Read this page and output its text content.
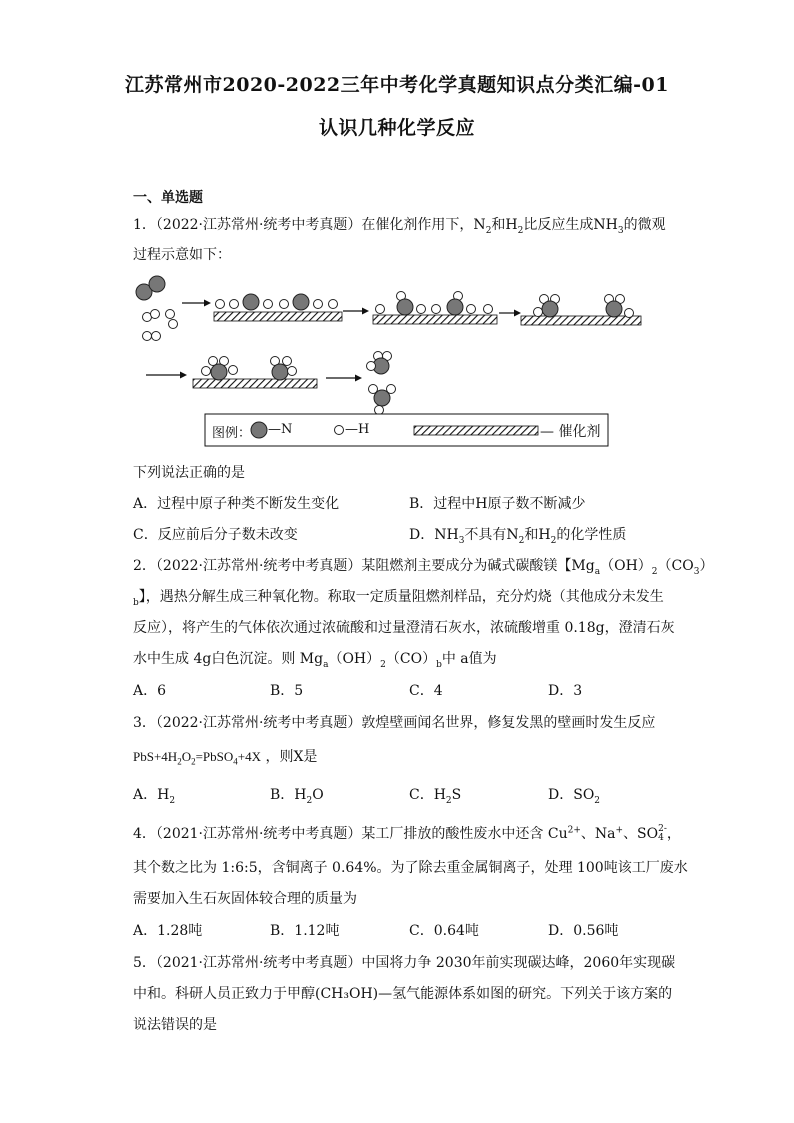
江苏常州市2020-2022三年中考化学真题知识点分类汇编-01
认识几种化学反应
一、单选题
1．（2022·江苏常州·统考中考真题）在催化剂作用下，$N_2$和$H_2$比反应生成$NH_3$的微观
过程示意如下：
图例： —N	—H	— 催化剂
下列说法正确的是
A．过程中原子种类不断发生变化	B．过程中H原子数不断减少
C．反应前后分子数未改变	D．$NH_3$不具有$N_2$和$H_2$的化学性质
2．（2022·江苏常州·统考中考真题）某阻燃剂主要成分为碱式碳酸镁【$Mg_a(OH)_2(CO_3)$
$_b$】，遇热分解生成三种氧化物。称取一定质量阻燃剂样品，充分灼烧（其他成分未发生
反应），将产生的气体依次通过浓硫酸和过量澄清石灰水，浓硫酸增重 0.18g，澄清石灰
水中生成 4g白色沉淀。则 $Mg_a(OH)_2(CO)_b$中 a值为
A．6	B．5	C．4	D．3
3．（2022·江苏常州·统考中考真题）敦煌壁画闻名世界，修复发黑的壁画时发生反应
$PbS+4H_2O_2=PbSO_4+4X$ ，则X是
A．$H_2$	B．$H_2O$	C．$H_2S$	D．$SO_2$
4．（2021·江苏常州·统考中考真题）某工厂排放的酸性废水中还含 $Cu^{2+}$、Na+、SO 2-
4 ，
其个数之比为 1:6:5，含铜离子 0.64%。为了除去重金属铜离子，处理 100吨该工厂废水
需要加入生石灰固体较合理的质量为
A．1.28吨	B．1.12吨	C．0.64吨	D．0.56吨
5．（2021·江苏常州·统考中考真题）中国将力争 2030年前实现碳达峰，2060年实现碳
中和。科研人员正致力于甲醇(CH₃OH)—氢气能源体系如图的研究。下列关于该方案的
说法错误的是
